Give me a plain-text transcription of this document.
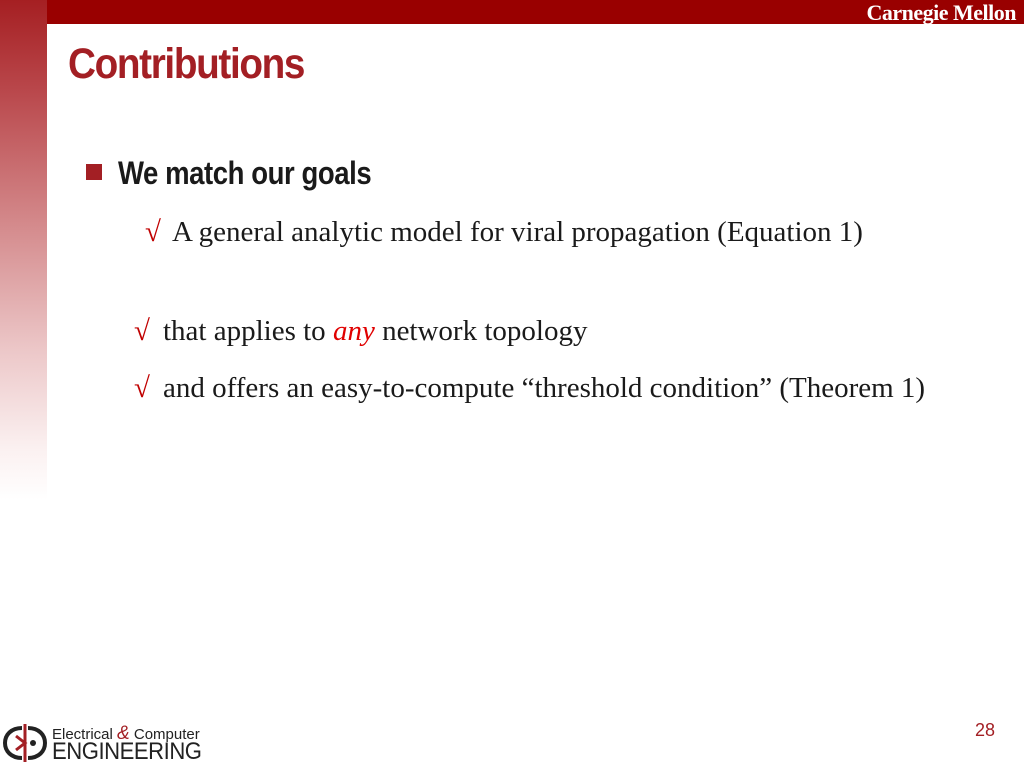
Carnegie Mellon
Contributions
We match our goals
√ A general analytic model for viral propagation (Equation 1)
√ that applies to any network topology
√ and offers an easy-to-compute “threshold condition” (Theorem 1)
28
Electrical & Computer
ENGINEERING
